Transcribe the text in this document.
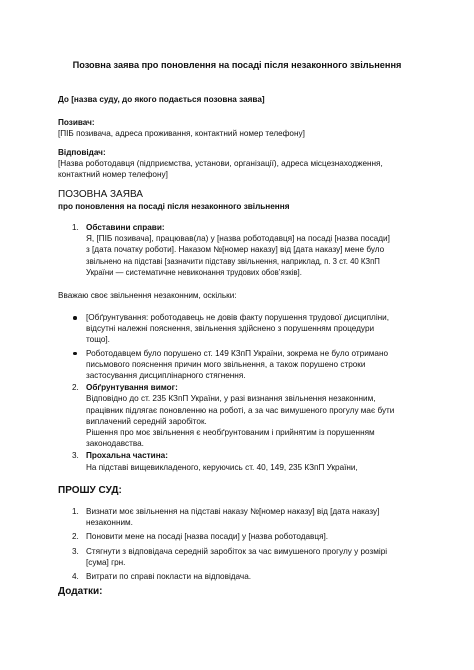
Позовна заява про поновлення на посаді після незаконного звільнення
До [назва суду, до якого подається позовна заява]
Позивач:
[ПІБ позивача, адреса проживання, контактний номер телефону]
Відповідач:
[Назва роботодавця (підприємства, установи, організації), адреса місцезнаходження,
контактний номер телефону]
ПОЗОВНА ЗАЯВА
про поновлення на посаді після незаконного звільнення
1. Обставини справи:
Я, [ПІБ позивача], працював(ла) у [назва роботодавця] на посаді [назва посади]
з [дата початку роботи]. Наказом №[номер наказу] від [дата наказу] мене було
звільнено на підставі [зазначити підставу звільнення, наприклад, п. 3 ст. 40 КЗпП
України — систематичне невиконання трудових обов’язків].
Вважаю своє звільнення незаконним, оскільки:
[Обґрунтування: роботодавець не довів факту порушення трудової дисципліни,
відсутні належні пояснення, звільнення здійснено з порушенням процедури
тощо].
Роботодавцем було порушено ст. 149 КЗпП України, зокрема не було отримано
письмового пояснення причин мого звільнення, а також порушено строки
застосування дисциплінарного стягнення.
2. Обґрунтування вимог:
Відповідно до ст. 235 КЗпП України, у разі визнання звільнення незаконним,
працівник підлягає поновленню на роботі, а за час вимушеного прогулу має бути
виплачений середній заробіток.
Рішення про моє звільнення є необґрунтованим і прийнятим із порушенням
законодавства.
3. Прохальна частина:
На підставі вищевикладеного, керуючись ст. 40, 149, 235 КЗпП України,
ПРОШУ СУД:
1. Визнати моє звільнення на підставі наказу №[номер наказу] від [дата наказу]
незаконним.
2. Поновити мене на посаді [назва посади] у [назва роботодавця].
3. Стягнути з відповідача середній заробіток за час вимушеного прогулу у розмірі
[сума] грн.
4. Витрати по справі покласти на відповідача.
Додатки:
